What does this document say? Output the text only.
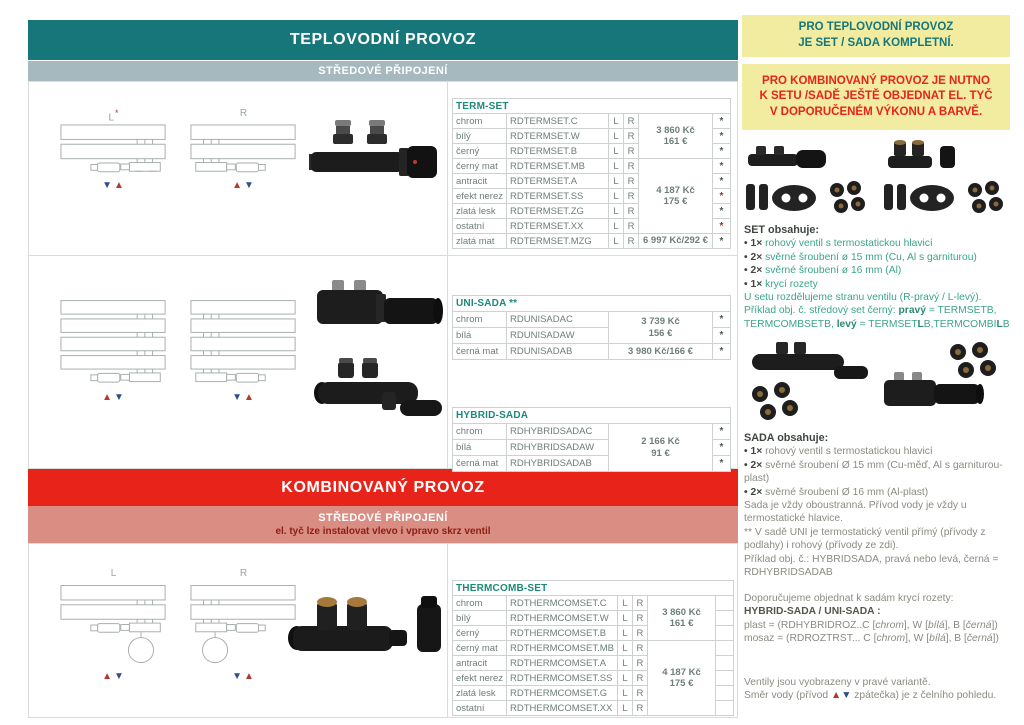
TEPLOVODNÍ PROVOZ
STŘEDOVÉ PŘIPOJENÍ
L*
▼▲
R
▲▼
TERM-SET					
chrom	RDTERMSET.C	L	R	3 860 Kč
161 €	*
bílý	RDTERMSET.W	L	R		*
černý	RDTERMSET.B	L	R		*
černý mat	RDTERMSET.MB	L	R	4 187 Kč
175 €	*
antracit	RDTERMSET.A	L	R		*
efekt nerez	RDTERMSET.SS	L	R		*
zlatá lesk	RDTERMSET.ZG	L	R		*
ostatní	RDTERMSET.XX	L	R		*
zlatá mat	RDTERMSET.MZG	L	R	6 997 Kč/292 €	*
▲▼	▼▲
UNI-SADA **			
chrom	RDUNISADAC	3 739 Kč
156 €	*
bílá	RDUNISADAW		*
černá mat	RDUNISADAB	3 980 Kč/166 €	*
HYBRID-SADA			
chrom	RDHYBRIDSADAC	2 166 Kč
91 €	*
bílá	RDHYBRIDSADAW		*
černá mat	RDHYBRIDSADAB		*
KOMBINOVANÝ PROVOZ
STŘEDOVÉ PŘIPOJENÍ
el. tyč lze instalovat vlevo i vpravo skrz ventil
L
▲▼
R
▼▲
THERMCOMB-SET					
chrom	RDTHERMCOMSET.C	L	R	3 860 Kč
161 €	

bílý	RDTHERMCOMSET.W	L	R		
černý	RDTHERMCOMSET.B	L	R		
černý mat	RDTHERMCOMSET.MB	L	R	4 187 Kč
175 €	

antracit	RDTHERMCOMSET.A	L	R		
efekt nerez	RDTHERMCOMSET.SS	L	R		
zlatá lesk	RDTHERMCOMSET.G	L	R		
ostatní	RDTHERMCOMSET.XX	L	R		
PRO TEPLOVODNÍ PROVOZ
JE SET / SADA KOMPLETNÍ.
PRO KOMBINOVANÝ PROVOZ JE NUTNO
K SETU /SADĚ JEŠTĚ OBJEDNAT EL. TYČ
V DOPORUČENÉM VÝKONU A BARVĚ.
SET obsahuje:
• 1× rohový ventil s termostatickou hlavicí
• 2× svěrné šroubení ø 15 mm (Cu, Al s garniturou)
• 2× svěrné šroubení ø 16 mm (Al)
• 1× krycí rozety
U setu rozdělujeme stranu ventilu (R-pravý / L-levý).
Příklad obj. č. středový set černý: pravý = TERMSETB, TERMCOMBSETB, levý = TERMSETLB,TERMCOMBILB
SADA obsahuje:
• 1× rohový ventil s termostatickou hlavicí
• 2× svěrné šroubení Ø 15 mm (Cu-měď, Al s garniturou-plast)
• 2× svěrné šroubení Ø 16 mm (Al-plast)
Sada je vždy oboustranná. Přívod vody je vždy u termostatické hlavice.
** V sadě UNI je termostatický ventil přímý (přívody z podlahy) i rohový (přívody ze zdi).
Příklad obj. č.: HYBRIDSADA, pravá nebo levá, černá = RDHYBRIDSADAB
Doporučujeme objednat k sadám krycí rozety:
HYBRID-SADA / UNI-SADA :
plast = (RDHYBRIDROZ..C [chrom], W [bílá], B [černá])
mosaz = (RDROZTRST... C [chrom], W [bílá], B [černá])
Ventily jsou vyobrazeny v pravé variantě.
Směr vody (přívod ▲▼ zpátečka) je z čelního pohledu.
